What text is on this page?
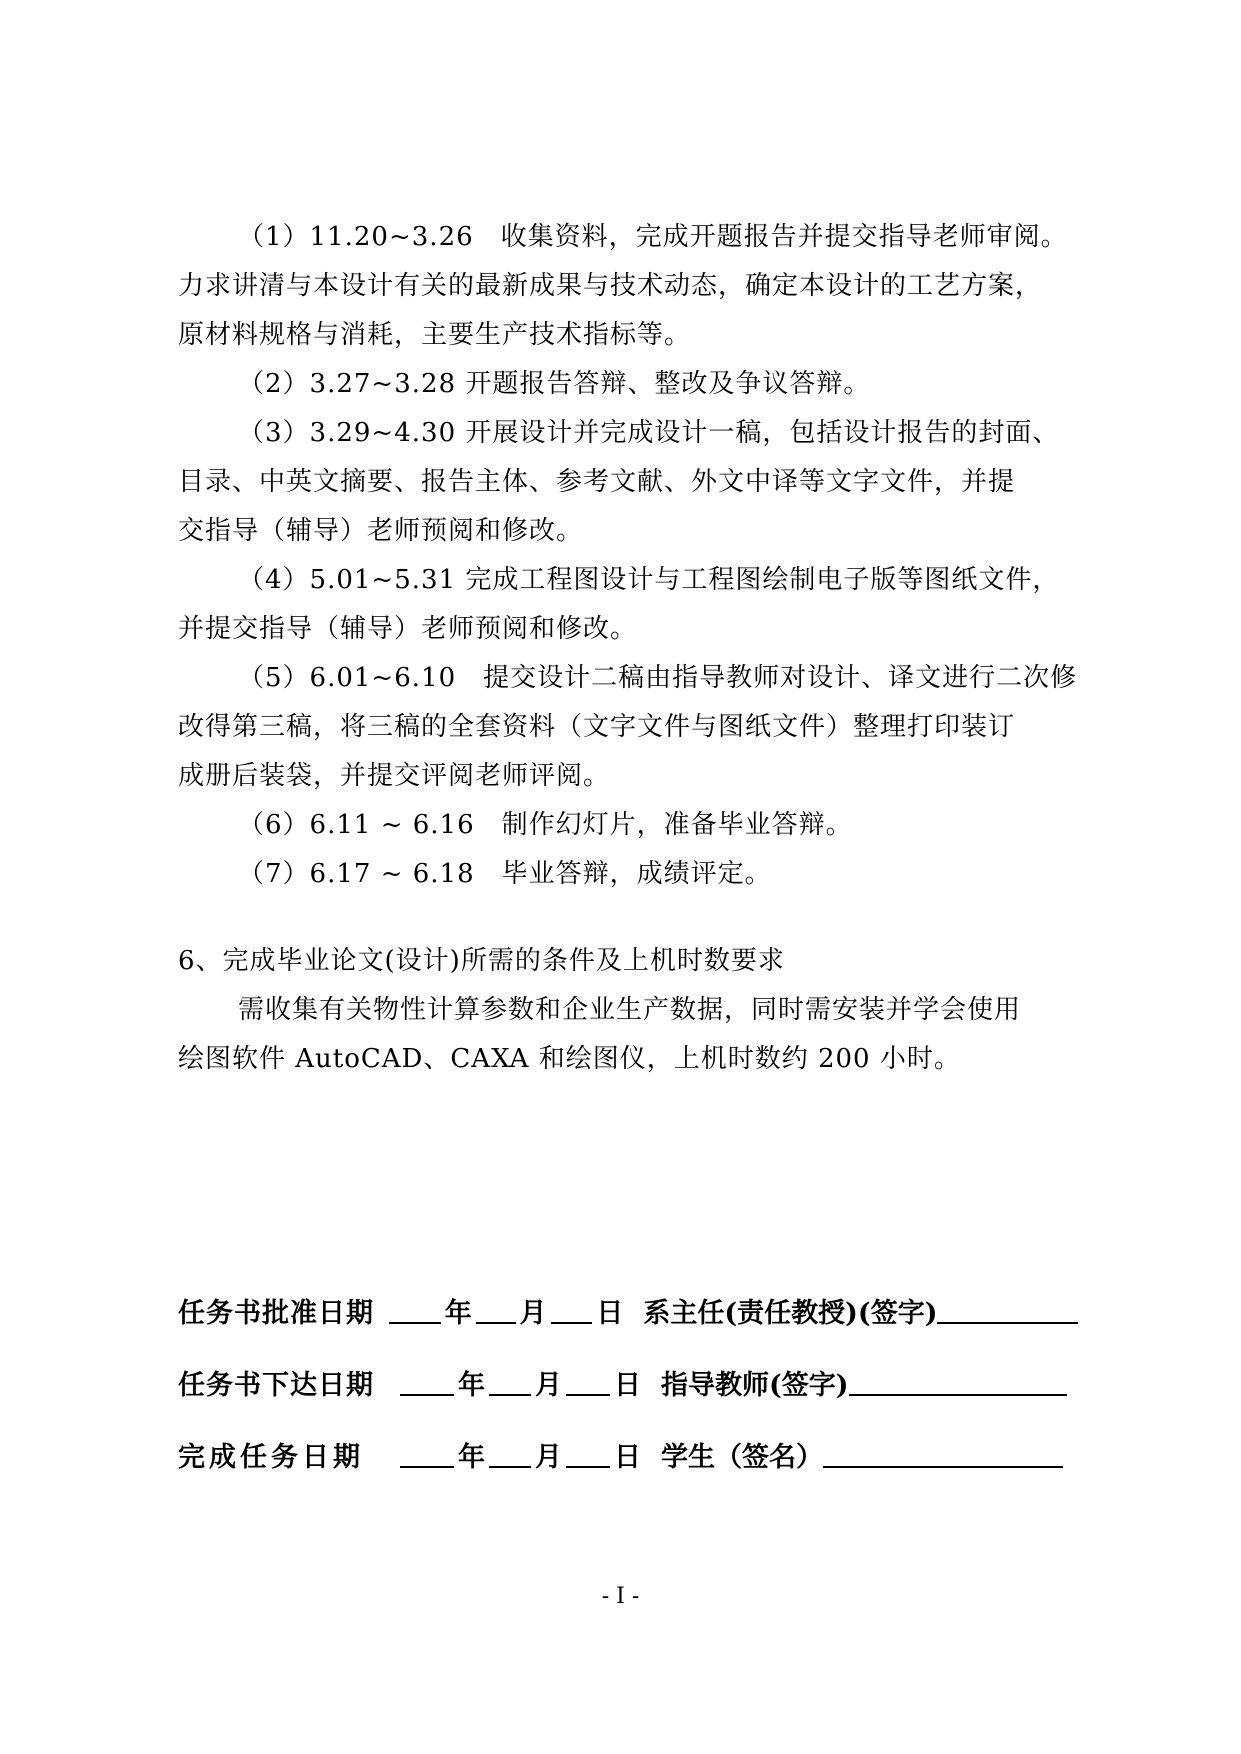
（1）11.20~3.26　收集资料，完成开题报告并提交指导老师审阅。
力求讲清与本设计有关的最新成果与技术动态，确定本设计的工艺方案，
原材料规格与消耗，主要生产技术指标等。
（2）3.27~3.28 开题报告答辩、整改及争议答辩。
（3）3.29~4.30 开展设计并完成设计一稿，包括设计报告的封面、
目录、中英文摘要、报告主体、参考文献、外文中译等文字文件，并提
交指导（辅导）老师预阅和修改。
（4）5.01~5.31 完成工程图设计与工程图绘制电子版等图纸文件，
并提交指导（辅导）老师预阅和修改。
（5）6.01~6.10　提交设计二稿由指导教师对设计、译文进行二次修
改得第三稿，将三稿的全套资料（文字文件与图纸文件）整理打印装订
成册后装袋，并提交评阅老师评阅。
（6）6.11 ~ 6.16　制作幻灯片，准备毕业答辩。
（7）6.17 ~ 6.18　毕业答辩，成绩评定。
6、完成毕业论文(设计)所需的条件及上机时数要求
需收集有关物性计算参数和企业生产数据，同时需安装并学会使用
绘图软件 AutoCAD、CAXA 和绘图仪，上机时数约 200 小时。
任务书批准日期	年 月 日 系主任(责任教授)(签字)
任务书下达日期	年 月 日 指导教师(签字)
完成任务日期	年 月 日 学生（签名）
- I -
